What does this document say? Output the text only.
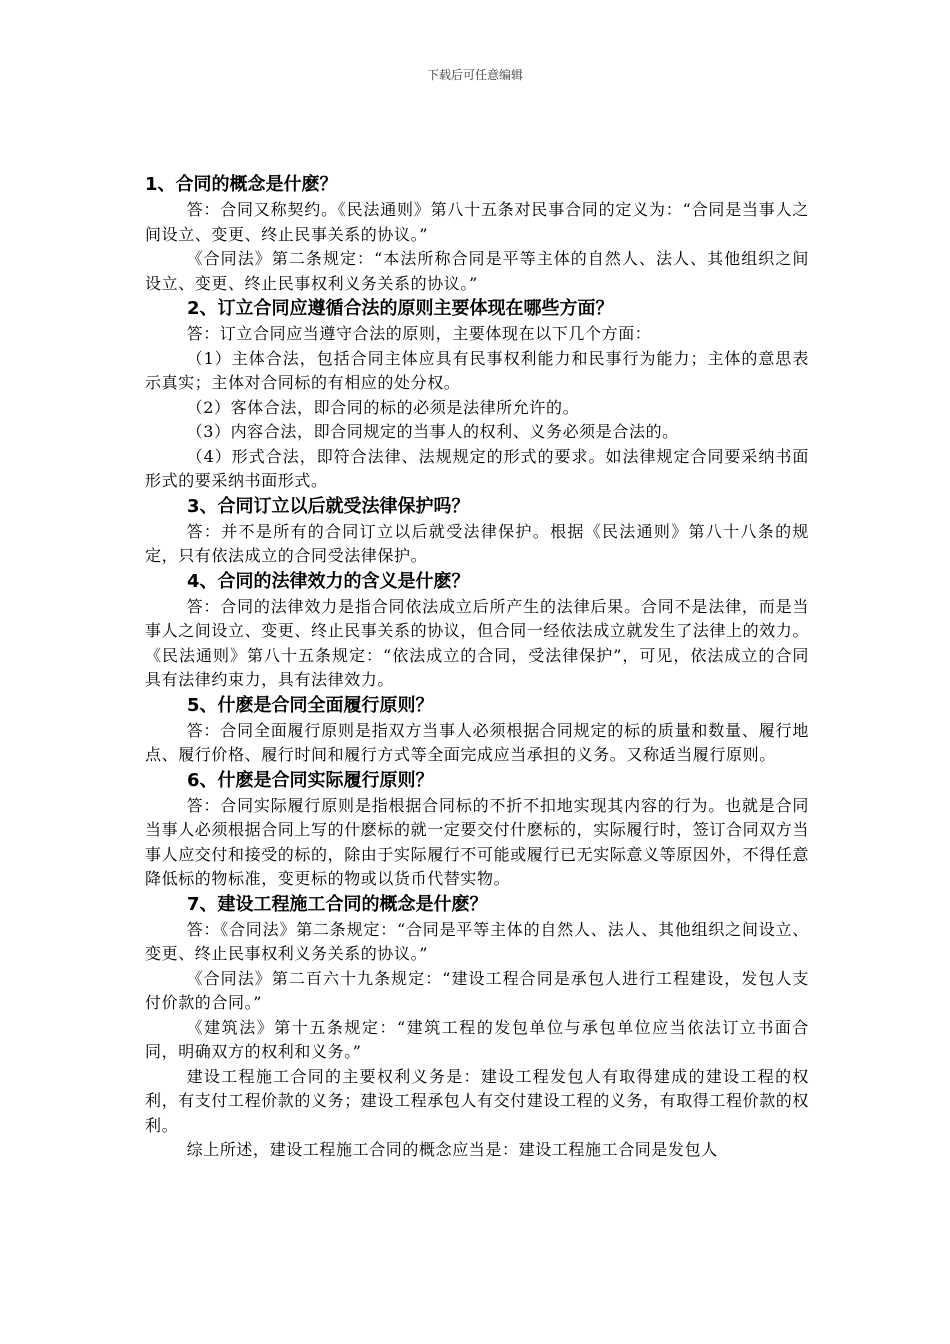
下载后可任意编辑
1、合同的概念是什麽？

答：合同又称契约。《民法通则》第八十五条对民事合同的定义为：“合同是当事人之间设立、变更、终止民事关系的协议。”

《合同法》第二条规定：“本法所称合同是平等主体的自然人、法人、其他组织之间设立、变更、终止民事权利义务关系的协议。”

2、订立合同应遵循合法的原则主要体现在哪些方面？

答：订立合同应当遵守合法的原则，主要体现在以下几个方面：

（1）主体合法，包括合同主体应具有民事权利能力和民事行为能力；主体的意思表示真实；主体对合同标的有相应的处分权。

（2）客体合法，即合同的标的必须是法律所允许的。

（3）内容合法，即合同规定的当事人的权利、义务必须是合法的。

（4）形式合法，即符合法律、法规规定的形式的要求。如法律规定合同要采纳书面形式的要采纳书面形式。

3、合同订立以后就受法律保护吗？

答：并不是所有的合同订立以后就受法律保护。根据《民法通则》第八十八条的规定，只有依法成立的合同受法律保护。

4、合同的法律效力的含义是什麽？

答：合同的法律效力是指合同依法成立后所产生的法律后果。合同不是法律，而是当事人之间设立、变更、终止民事关系的协议，但合同一经依法成立就发生了法律上的效力。《民法通则》第八十五条规定：“依法成立的合同，受法律保护”，可见，依法成立的合同具有法律约束力，具有法律效力。

5、什麽是合同全面履行原则？

答：合同全面履行原则是指双方当事人必须根据合同规定的标的质量和数量、履行地点、履行价格、履行时间和履行方式等全面完成应当承担的义务。又称适当履行原则。

6、什麽是合同实际履行原则？

答：合同实际履行原则是指根据合同标的不折不扣地实现其内容的行为。也就是合同当事人必须根据合同上写的什麽标的就一定要交付什麽标的，实际履行时，签订合同双方当事人应交付和接受的标的，除由于实际履行不可能或履行已无实际意义等原因外，不得任意降低标的物标准，变更标的物或以货币代替实物。

7、建设工程施工合同的概念是什麽？

答：《合同法》第二条规定：“合同是平等主体的自然人、法人、其他组织之间设立、变更、终止民事权利义务关系的协议。”

《合同法》第二百六十九条规定：“建设工程合同是承包人进行工程建设，发包人支付价款的合同。”

《建筑法》第十五条规定：“建筑工程的发包单位与承包单位应当依法订立书面合同，明确双方的权利和义务。”

建设工程施工合同的主要权利义务是：建设工程发包人有取得建成的建设工程的权利，有支付工程价款的义务；建设工程承包人有交付建设工程的义务，有取得工程价款的权利。

综上所述，建设工程施工合同的概念应当是：建设工程施工合同是发包人
